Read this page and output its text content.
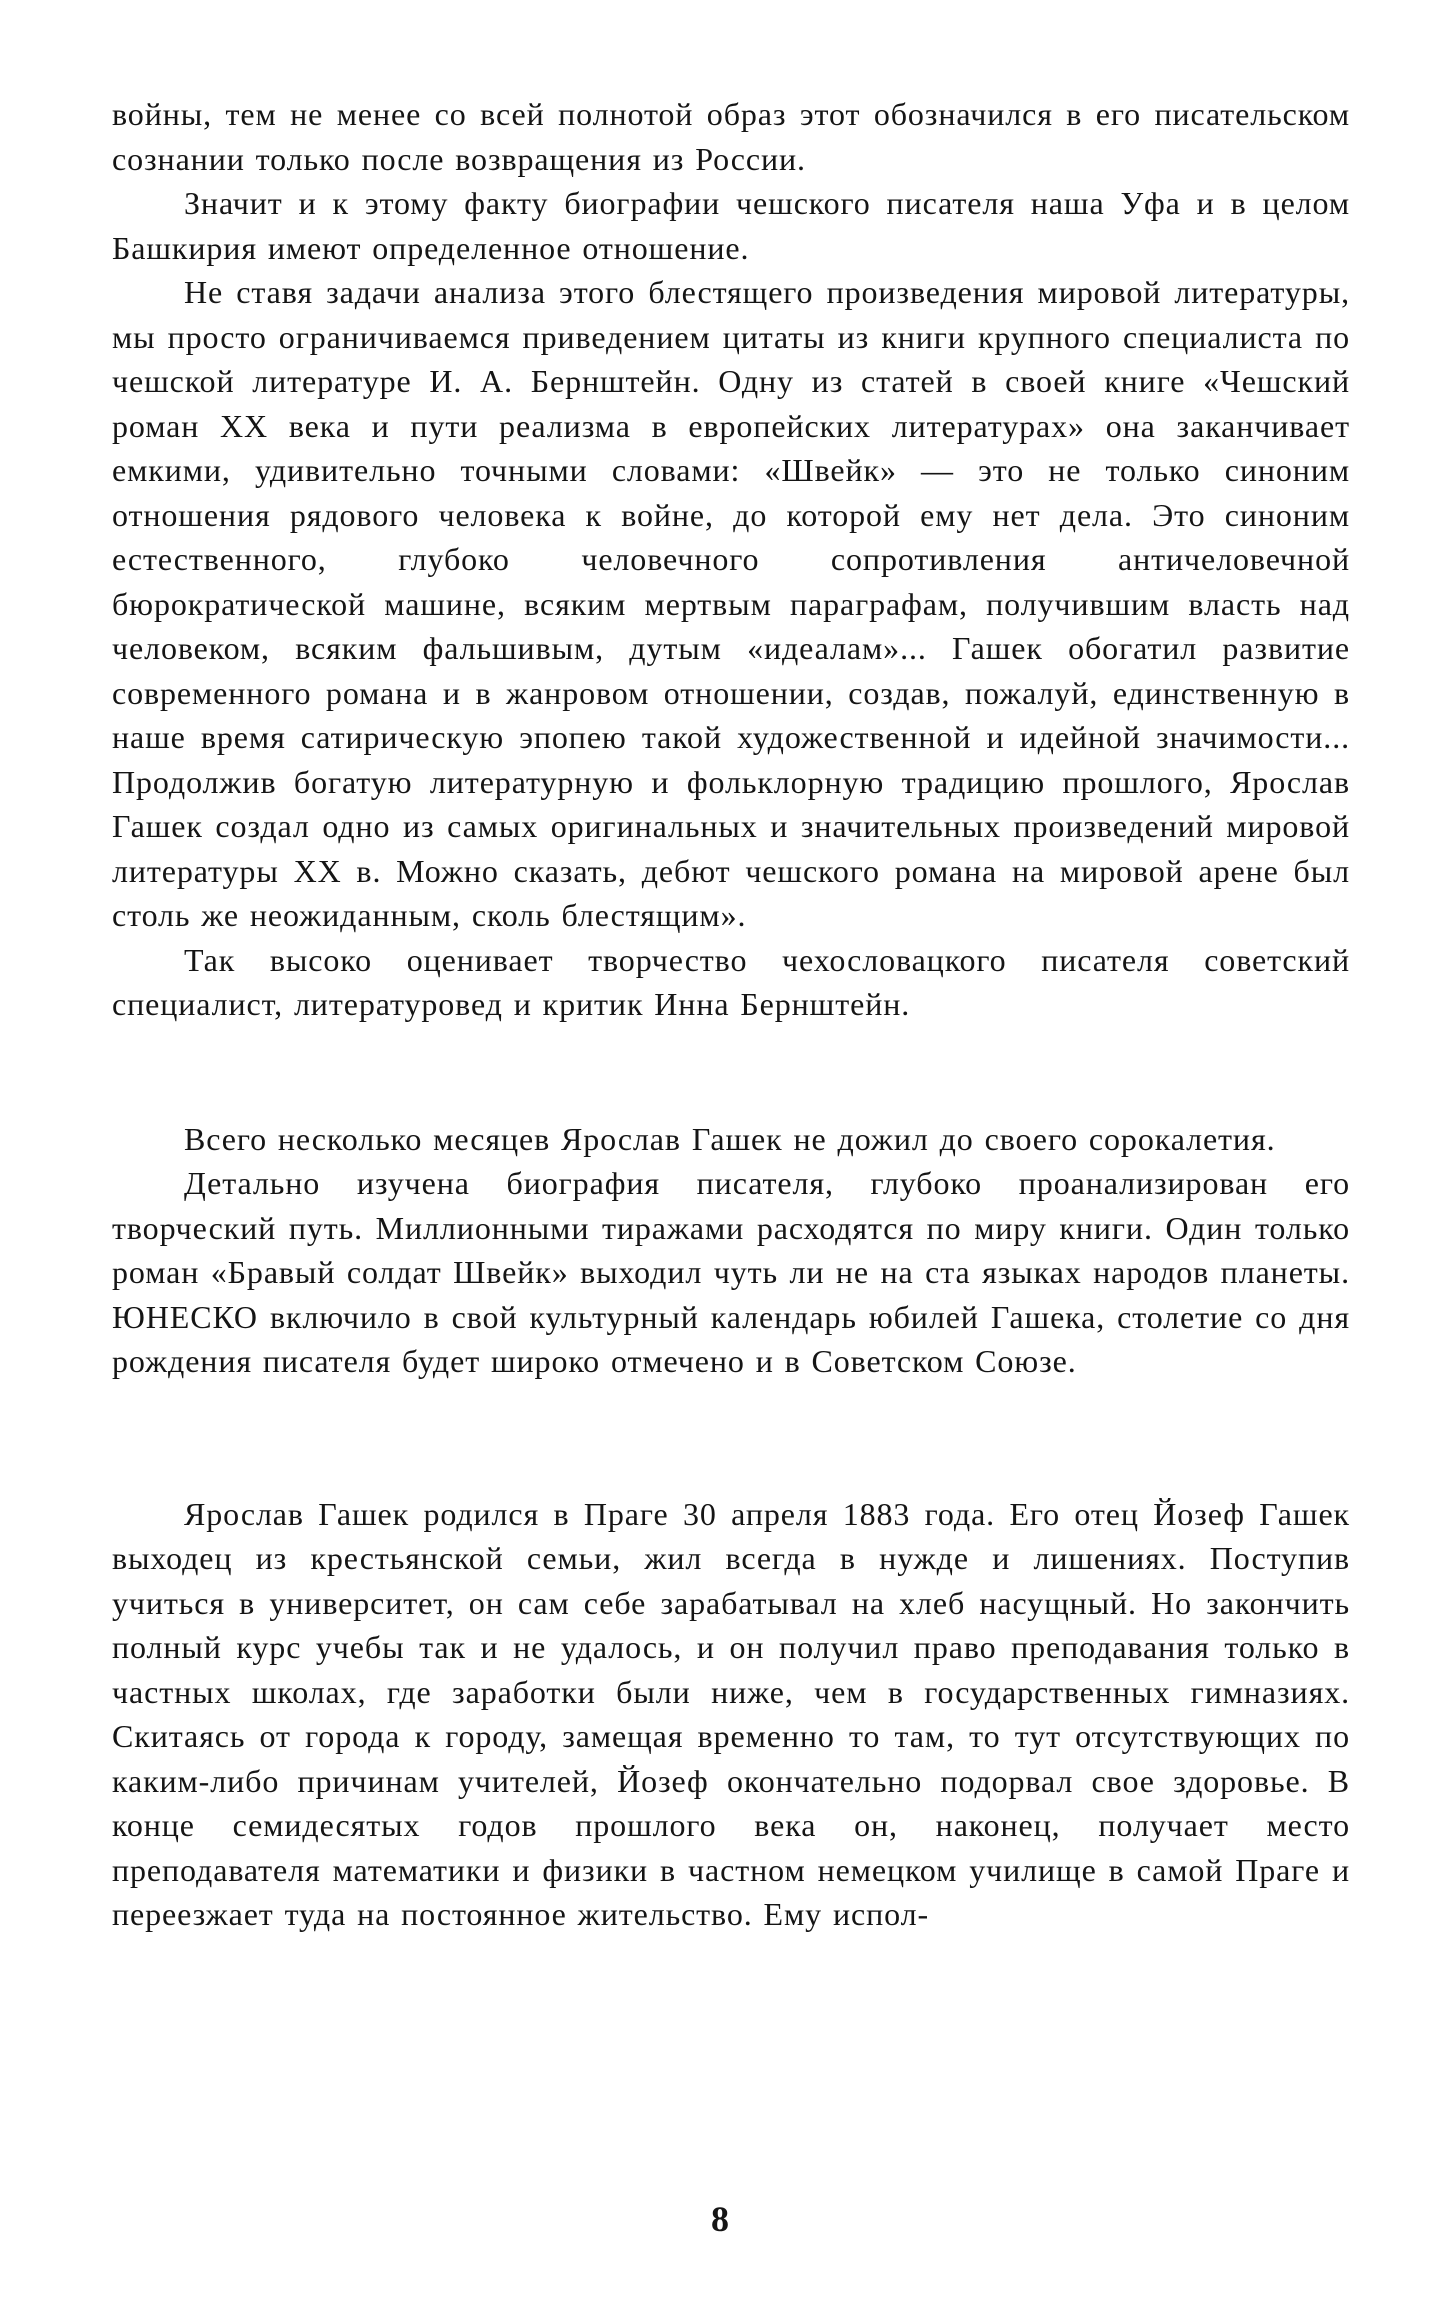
войны, тем не менее со всей полнотой образ этот обозначился в его писательском сознании только после возвращения из России.

Значит и к этому факту биографии чешского писателя наша Уфа и в целом Башкирия имеют определенное отношение.

Не ставя задачи анализа этого блестящего произведения мировой литературы, мы просто ограничиваемся приведением цитаты из книги крупного специалиста по чешской литературе И. А. Бернштейн. Одну из статей в своей книге «Чешский роман XX века и пути реализма в европейских литературах» она заканчивает емкими, удивительно точными словами: «Швейк» — это не только синоним отношения рядового человека к войне, до которой ему нет дела. Это синоним естественного, глубоко человечного сопротивления античеловечной бюрократической машине, всяким мертвым параграфам, получившим власть над человеком, всяким фальшивым, дутым «идеалам»... Гашек обогатил развитие современного романа и в жанровом отношении, создав, пожалуй, единственную в наше время сатирическую эпопею такой художественной и идейной значимости... Продолжив богатую литературную и фольклорную традицию прошлого, Ярослав Гашек создал одно из самых оригинальных и значительных произведений мировой литературы XX в. Можно сказать, дебют чешского романа на мировой арене был столь же неожиданным, сколь блестящим».

Так высоко оценивает творчество чехословацкого писателя советский специалист, литературовед и критик Инна Бернштейн.

Всего несколько месяцев Ярослав Гашек не дожил до своего сорокалетия.

Детально изучена биография писателя, глубоко проанализирован его творческий путь. Миллионными тиражами расходятся по миру книги. Один только роман «Бравый солдат Швейк» выходил чуть ли не на ста языках народов планеты. ЮНЕСКО включило в свой культурный календарь юбилей Гашека, столетие со дня рождения писателя будет широко отмечено и в Советском Союзе.

Ярослав Гашек родился в Праге 30 апреля 1883 года. Его отец Йозеф Гашек выходец из крестьянской семьи, жил всегда в нужде и лишениях. Поступив учиться в университет, он сам себе зарабатывал на хлеб насущный. Но закончить полный курс учебы так и не удалось, и он получил право преподавания только в частных школах, где заработки были ниже, чем в государственных гимназиях. Скитаясь от города к городу, замещая временно то там, то тут отсутствующих по каким-либо причинам учителей, Йозеф окончательно подорвал свое здоровье. В конце семидесятых годов прошлого века он, наконец, получает место преподавателя математики и физики в частном немецком училище в самой Праге и переезжает туда на постоянное жительство. Ему испол-

8
